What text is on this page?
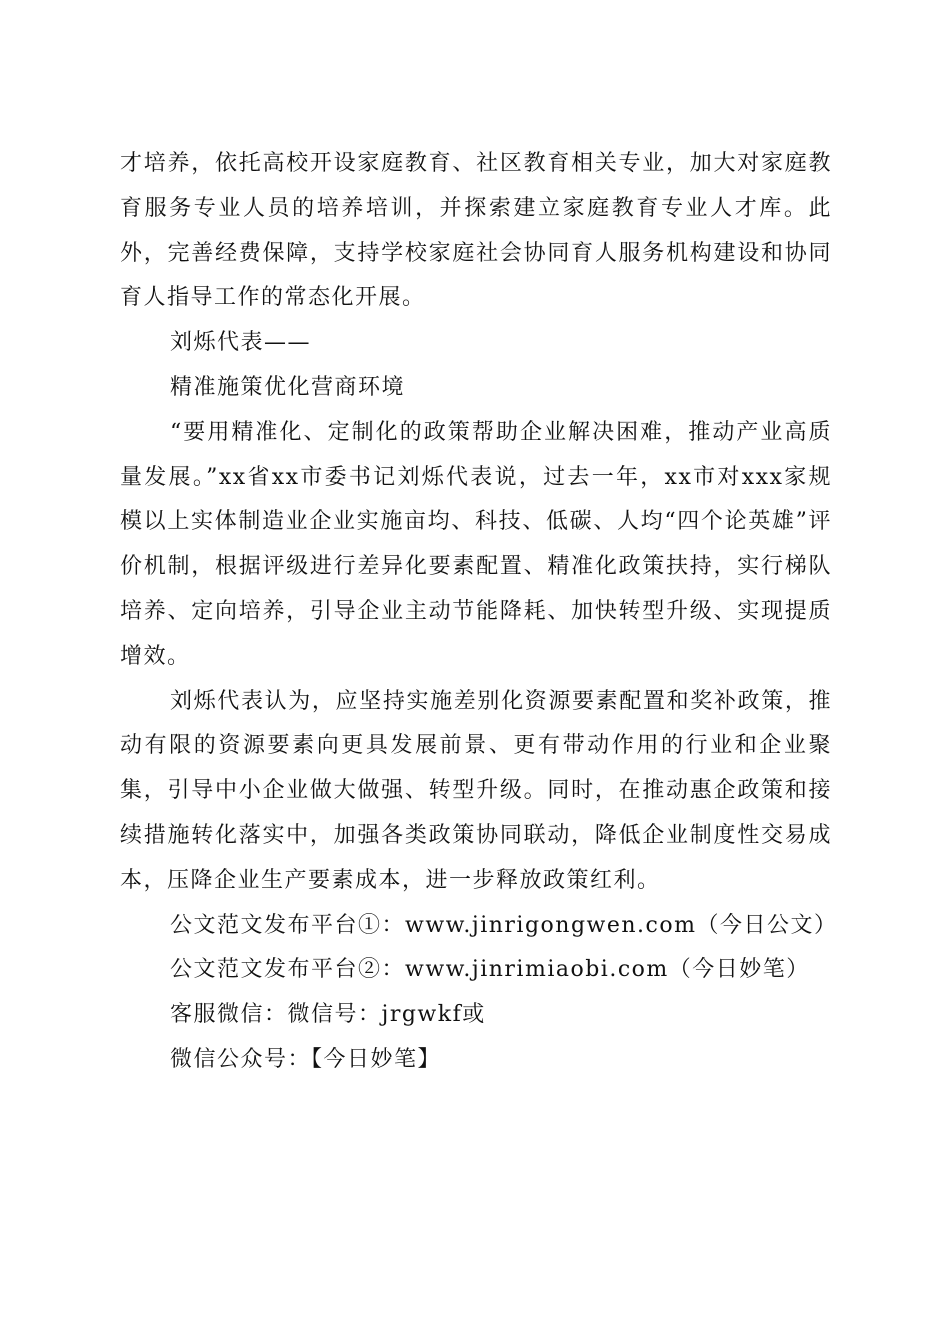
才培养，依托高校开设家庭教育、社区教育相关专业，加大对家庭教育服务专业人员的培养培训，并探索建立家庭教育专业人才库。此外，完善经费保障，支持学校家庭社会协同育人服务机构建设和协同育人指导工作的常态化开展。

刘烁代表——

精准施策优化营商环境

“要用精准化、定制化的政策帮助企业解决困难，推动产业高质量发展。”xx省xx市委书记刘烁代表说，过去一年，xx市对xxx家规模以上实体制造业企业实施亩均、科技、低碳、人均“四个论英雄”评价机制，根据评级进行差异化要素配置、精准化政策扶持，实行梯队培养、定向培养，引导企业主动节能降耗、加快转型升级、实现提质增效。

刘烁代表认为，应坚持实施差别化资源要素配置和奖补政策，推动有限的资源要素向更具发展前景、更有带动作用的行业和企业聚集，引导中小企业做大做强、转型升级。同时，在推动惠企政策和接续措施转化落实中，加强各类政策协同联动，降低企业制度性交易成本，压降企业生产要素成本，进一步释放政策红利。

公文范文发布平台①：www.jinrigongwen.com（今日公文）

公文范文发布平台②：www.jinrimiaobi.com（今日妙笔）

客服微信：微信号：jrgwkf或

微信公众号：【今日妙笔】
